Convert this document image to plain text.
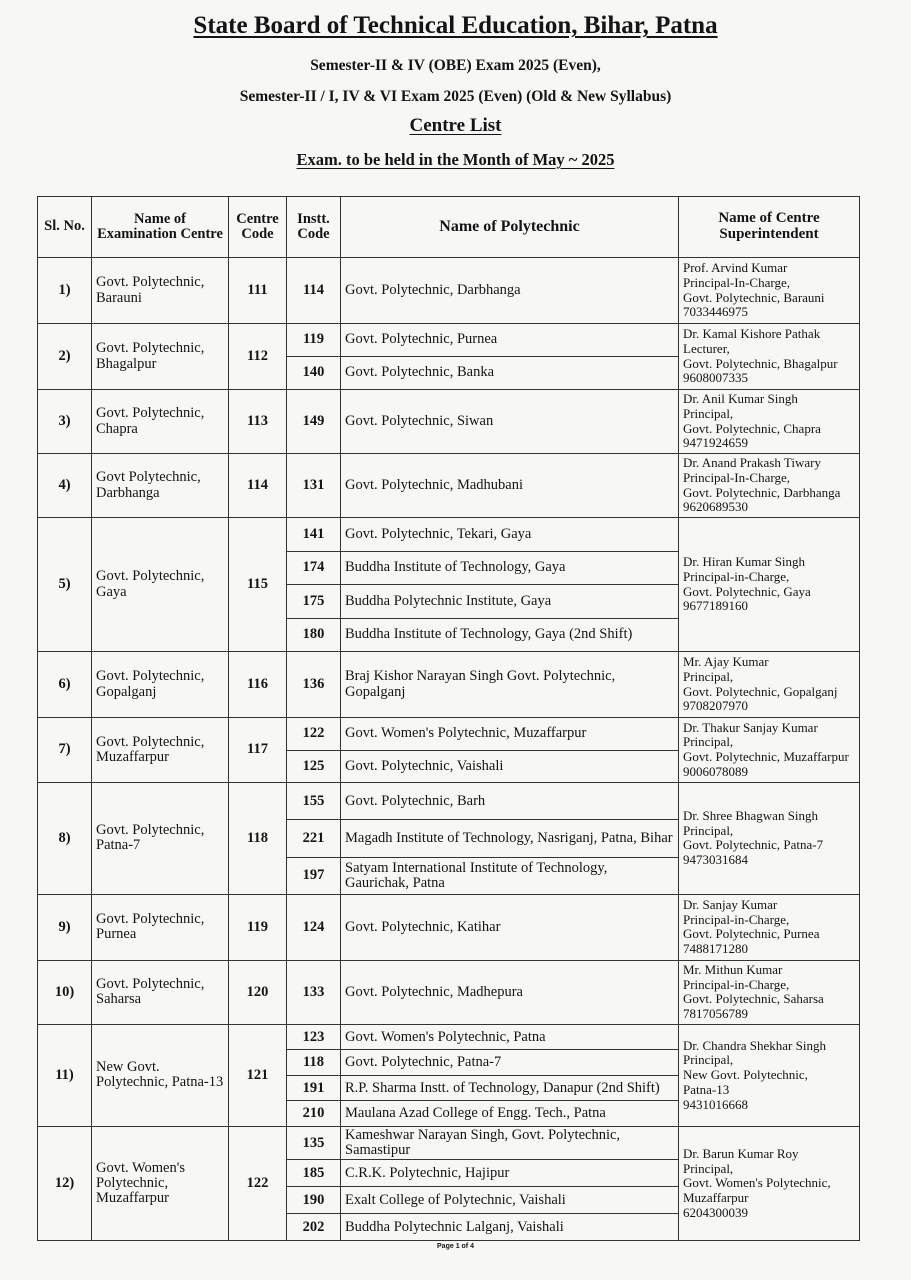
State Board of Technical Education, Bihar, Patna
Semester-II & IV (OBE) Exam 2025 (Even),
Semester-II / I, IV & VI Exam 2025 (Even) (Old & New Syllabus)
Centre List
Exam. to be held in the Month of May ~ 2025
Sl. No.	Name of Examination Centre	Centre Code	Instt. Code	Name of Polytechnic	Name of Centre Superintendent
1)	Govt. Polytechnic, Barauni	111	114	Govt. Polytechnic, Darbhanga	Prof. Arvind Kumar
Principal-In-Charge,
Govt. Polytechnic, Barauni
7033446975

2)	Govt. Polytechnic, Bhagalpur	112	119	Govt. Polytechnic, Purnea	Dr. Kamal Kishore Pathak
Lecturer,
Govt. Polytechnic, Bhagalpur
9608007335

			140	Govt. Polytechnic, Banka	
3)	Govt. Polytechnic, Chapra	113	149	Govt. Polytechnic, Siwan	Dr. Anil Kumar Singh
Principal,
Govt. Polytechnic, Chapra
9471924659

4)	Govt Polytechnic, Darbhanga	114	131	Govt. Polytechnic, Madhubani	Dr. Anand Prakash Tiwary
Principal-In-Charge,
Govt. Polytechnic, Darbhanga
9620689530

5)	Govt. Polytechnic, Gaya	115	141	Govt. Polytechnic, Tekari, Gaya	Dr. Hiran Kumar Singh
Principal-in-Charge,
Govt. Polytechnic, Gaya
9677189160

			174	Buddha Institute of Technology, Gaya	
			175	Buddha Polytechnic Institute, Gaya	
			180	Buddha Institute of Technology, Gaya (2nd Shift)	
6)	Govt. Polytechnic, Gopalganj	116	136	Braj Kishor Narayan Singh Govt. Polytechnic, Gopalganj	Mr. Ajay Kumar
Principal,
Govt. Polytechnic, Gopalganj
9708207970

7)	Govt. Polytechnic, Muzaffarpur	117	122	Govt. Women's Polytechnic, Muzaffarpur	Dr. Thakur Sanjay Kumar
Principal,
Govt. Polytechnic, Muzaffarpur
9006078089

			125	Govt. Polytechnic, Vaishali	
8)	Govt. Polytechnic, Patna-7	118	155	Govt. Polytechnic, Barh	Dr. Shree Bhagwan Singh
Principal,
Govt. Polytechnic, Patna-7
9473031684

			221	Magadh Institute of Technology, Nasriganj, Patna, Bihar	
			197	Satyam International Institute of Technology, Gaurichak, Patna	
9)	Govt. Polytechnic, Purnea	119	124	Govt. Polytechnic, Katihar	Dr. Sanjay Kumar
Principal-in-Charge,
Govt. Polytechnic, Purnea
7488171280

10)	Govt. Polytechnic, Saharsa	120	133	Govt. Polytechnic, Madhepura	Mr. Mithun Kumar
Principal-in-Charge,
Govt. Polytechnic, Saharsa
7817056789

11)	New Govt. Polytechnic, Patna-13	121	123	Govt. Women's Polytechnic, Patna	Dr. Chandra Shekhar Singh
Principal,
New Govt. Polytechnic,
Patna-13
9431016668

			118	Govt. Polytechnic, Patna-7	
			191	R.P. Sharma Instt. of Technology, Danapur (2nd Shift)	
			210	Maulana Azad College of Engg. Tech., Patna	
12)	Govt. Women's Polytechnic, Muzaffarpur	122	135	Kameshwar Narayan Singh, Govt. Polytechnic, Samastipur	Dr. Barun Kumar Roy
Principal,
Govt. Women's Polytechnic,
Muzaffarpur
6204300039

			185	C.R.K. Polytechnic, Hajipur	
			190	Exalt College of Polytechnic, Vaishali	
			202	Buddha Polytechnic Lalganj, Vaishali	
Page 1 of 4
